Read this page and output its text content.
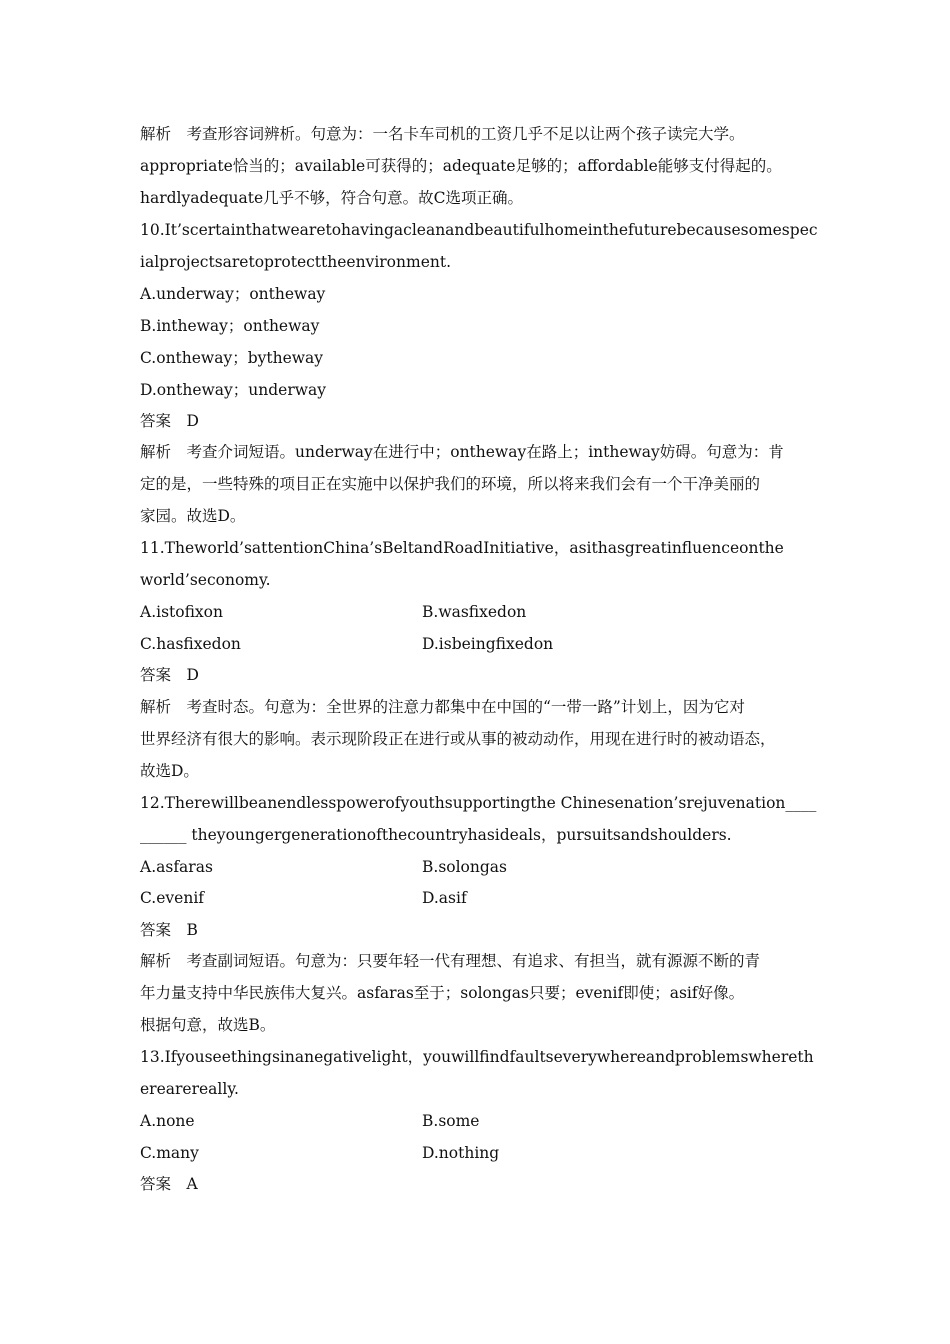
解析　考查形容词辨析。句意为：一名卡车司机的工资几乎不足以让两个孩子读完大学。
appropriate恰当的；available可获得的；adequate足够的；affordable能够支付得起的。
hardlyadequate几乎不够，符合句意。故C选项正确。
10.It’scertainthatwearetohavingacleanandbeautifulhomeinthefuturebecausesomespec
ialprojectsaretoprotecttheenvironment.
A.underway；ontheway
B.intheway；ontheway
C.ontheway；bytheway
D.ontheway；underway
答案　D
解析　考查介词短语。underway在进行中；ontheway在路上；intheway妨碍。句意为：肯
定的是，一些特殊的项目正在实施中以保护我们的环境，所以将来我们会有一个干净美丽的
家园。故选D。
11.Theworld’sattentionChina’sBeltandRoadInitiative，asithasgreatinfluenceonthe
world’seconomy.
A.istofixon	B.wasfixedon
C.hasfixedon	D.isbeingfixedon
答案　D
解析　考查时态。句意为：全世界的注意力都集中在中国的“一带一路”计划上，因为它对
世界经济有很大的影响。表示现阶段正在进行或从事的被动动作，用现在进行时的被动语态，
故选D。
12.Therewillbeanendlesspowerofyouthsupportingthe Chinesenation’srejuvenation____
______ theyoungergenerationofthecountryhasideals，pursuitsandshoulders.
A.asfaras	B.solongas
C.evenif	D.asif
答案　B
解析　考查副词短语。句意为：只要年轻一代有理想、有追求、有担当，就有源源不断的青
年力量支持中华民族伟大复兴。asfaras至于；solongas只要；evenif即使；asif好像。
根据句意，故选B。
13.Ifyouseethingsinanegativelight，youwillfindfaultseverywhereandproblemswhereth
erearereally.
A.none	B.some
C.many	D.nothing
答案　A
